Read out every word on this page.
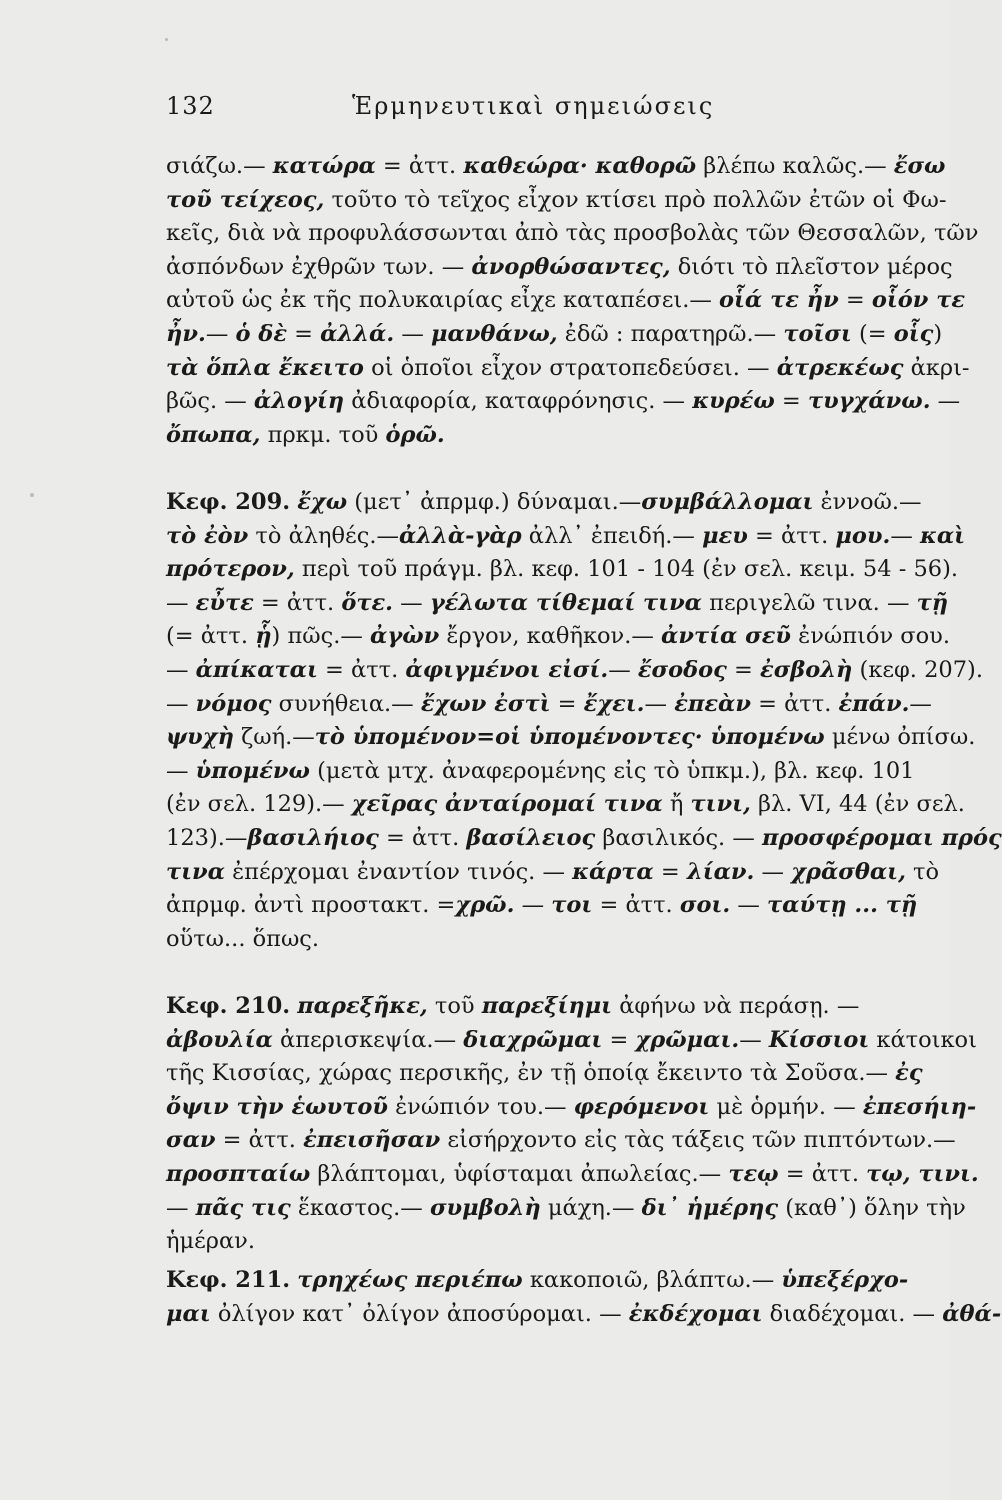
132	Ἑρμηνευτικαὶ σημειώσεις
σιάζω.— κατώρα = ἀττ. καθεώρα· καθορῶ βλέπω καλῶς.— ἔσω
τοῦ τείχεος, τοῦτο τὸ τεῖχος εἶχον κτίσει πρὸ πολλῶν ἐτῶν οἱ Φω-
κεῖς, διὰ νὰ προφυλάσσωνται ἀπὸ τὰς προσβολὰς τῶν Θεσσαλῶν, τῶν
ἀσπόνδων ἐχθρῶν των. — ἀνορθώσαντες, διότι τὸ πλεῖστον μέρος
αὐτοῦ ὡς ἐκ τῆς πολυκαιρίας εἶχε καταπέσει.— οἷά τε ἦν = οἷόν τε
ἦν.— ὁ δὲ = ἀλλά. — μανθάνω, ἐδῶ : παρατηρῶ.— τοῖσι (= οἷς)
τὰ ὅπλα ἔκειτο οἱ ὁποῖοι εἶχον στρατοπεδεύσει. — ἀτρεκέως ἀκρι-
βῶς. — ἀλογίη ἀδιαφορία, καταφρόνησις. — κυρέω = τυγχάνω. —
ὄπωπα, πρκμ. τοῦ ὁρῶ.
Κεφ. 209. ἔχω (μετ᾿ ἀπρμφ.) δύναμαι.—συμβάλλομαι ἐννοῶ.—
τὸ ἐὸν τὸ ἀληθές.—ἀλλὰ-γὰρ ἀλλ᾿ ἐπειδή.— μευ = ἀττ. μου.— καὶ
πρότερον, περὶ τοῦ πράγμ. βλ. κεφ. 101 - 104 (ἐν σελ. κειμ. 54 - 56).
— εὖτε = ἀττ. ὅτε. — γέλωτα τίθεμαί τινα περιγελῶ τινα. — τῇ
(= ἀττ. ᾗ) πῶς.— ἀγὼν ἔργον, καθῆκον.— ἀντία σεῦ ἐνώπιόν σου.
— ἀπίκαται = ἀττ. ἀφιγμένοι εἰσί.— ἔσοδος = ἐσβολὴ (κεφ. 207).
— νόμος συνήθεια.— ἔχων ἐστὶ = ἔχει.— ἐπεὰν = ἀττ. ἐπάν.—
ψυχὴ ζωή.—τὸ ὑπομένον=οἱ ὑπομένοντες· ὑπομένω μένω ὀπίσω.
— ὑπομένω (μετὰ μτχ. ἀναφερομένης εἰς τὸ ὑπκμ.), βλ. κεφ. 101
(ἐν σελ. 129).— χεῖρας ἀνταίρομαί τινα ἤ τινι, βλ. VI, 44 (ἐν σελ.
123).—βασιλήιος = ἀττ. βασίλειος βασιλικός. — προσφέρομαι πρός
τινα ἐπέρχομαι ἐναντίον τινός. — κάρτα = λίαν. — χρᾶσθαι, τὸ
ἀπρμφ. ἀντὶ προστακτ. =χρῶ. — τοι = ἀττ. σοι. — ταύτῃ ... τῇ
οὕτω... ὅπως.
Κεφ. 210. παρεξῆκε, τοῦ παρεξίημι ἀφήνω νὰ περάσῃ. —
ἀβουλία ἀπερισκεψία.— διαχρῶμαι = χρῶμαι.— Κίσσιοι κάτοικοι
τῆς Κισσίας, χώρας περσικῆς, ἐν τῇ ὁποίᾳ ἔκειντο τὰ Σοῦσα.— ἐς
ὄψιν τὴν ἑωυτοῦ ἐνώπιόν του.— φερόμενοι μὲ ὁρμήν. — ἐπεσήιη-
σαν = ἀττ. ἐπεισῆσαν εἰσήρχοντο εἰς τὰς τάξεις τῶν πιπτόντων.—
προσπταίω βλάπτομαι, ὑφίσταμαι ἀπωλείας.— τεῳ = ἀττ. τῳ, τινι.
— πᾶς τις ἕκαστος.— συμβολὴ μάχη.— δι᾿ ἡμέρης (καθ᾿) ὅλην τὴν
ἡμέραν.
Κεφ. 211. τρηχέως περιέπω κακοποιῶ, βλάπτω.— ὑπεξέρχο-
μαι ὀλίγον κατ᾿ ὀλίγον ἀποσύρομαι. — ἐκδέχομαι διαδέχομαι. — ἀθά-
